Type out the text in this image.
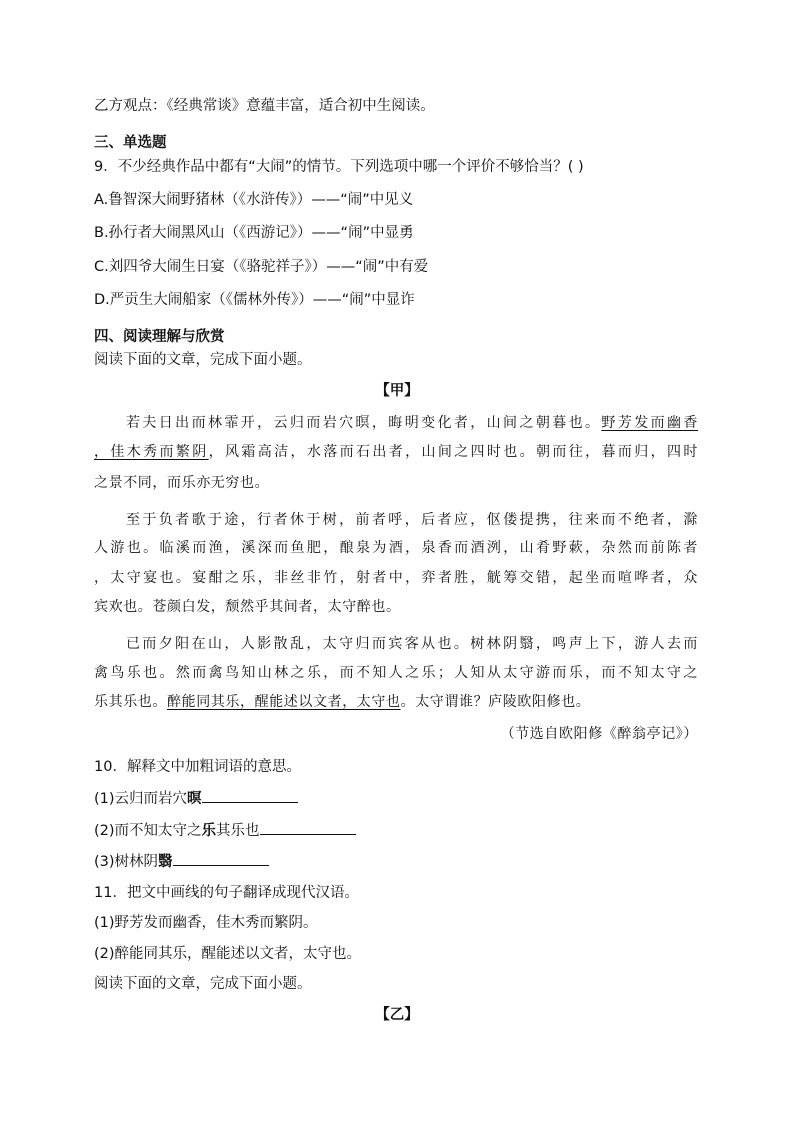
乙方观点：《经典常谈》意蕴丰富，适合初中生阅读。
三、单选题
9．不少经典作品中都有“大闹”的情节。下列选项中哪一个评价不够恰当？( )
A.鲁智深大闹野猪林（《水浒传》）——“闹”中见义
B.孙行者大闹黑风山（《西游记》）——“闹”中显勇
C.刘四爷大闹生日宴（《骆驼祥子》）——“闹”中有爱
D.严贡生大闹船家（《儒林外传》）——“闹”中显诈
四、阅读理解与欣赏
阅读下面的文章，完成下面小题。
【甲】
若夫日出而林霏开，云归而岩穴暝，晦明变化者，山间之朝暮也。野芳发而幽香
，佳木秀而繁阴，风霜高洁，水落而石出者，山间之四时也。朝而往，暮而归，四时
之景不同，而乐亦无穷也。
至于负者歌于途，行者休于树，前者呼，后者应，伛偻提携，往来而不绝者，滁
人游也。临溪而渔，溪深而鱼肥，酿泉为酒，泉香而酒洌，山肴野蔌，杂然而前陈者
，太守宴也。宴酣之乐，非丝非竹，射者中，弈者胜，觥筹交错，起坐而喧哗者，众
宾欢也。苍颜白发，颓然乎其间者，太守醉也。
已而夕阳在山，人影散乱，太守归而宾客从也。树林阴翳，鸣声上下，游人去而
禽鸟乐也。然而禽鸟知山林之乐，而不知人之乐；人知从太守游而乐，而不知太守之
乐其乐也。醉能同其乐，醒能述以文者，太守也。太守谓谁？庐陵欧阳修也。
（节选自欧阳修《醉翁亭记》）
10．解释文中加粗词语的意思。
(1)云归而岩穴暝
(2)而不知太守之乐其乐也
(3)树林阴翳
11．把文中画线的句子翻译成现代汉语。
(1)野芳发而幽香，佳木秀而繁阴。
(2)醉能同其乐，醒能述以文者，太守也。
阅读下面的文章，完成下面小题。
【乙】
